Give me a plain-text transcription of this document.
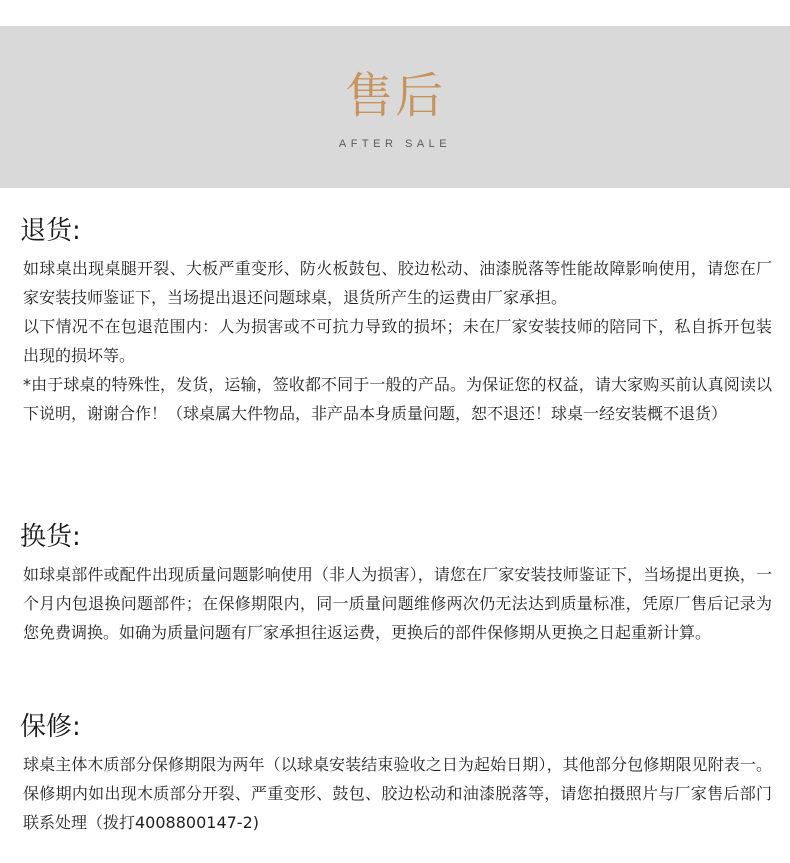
售后
AFTER SALE
退货:

如球桌出现桌腿开裂、大板严重变形、防火板鼓包、胶边松动、油漆脱落等性能故障影响使用，请您在厂家安装技师鉴证下，当场提出退还问题球桌，退货所产生的运费由厂家承担。

以下情况不在包退范围内：人为损害或不可抗力导致的损坏；未在厂家安装技师的陪同下，私自拆开包装出现的损坏等。

*由于球桌的特殊性，发货，运输，签收都不同于一般的产品。为保证您的权益，请大家购买前认真阅读以下说明，谢谢合作！（球桌属大件物品，非产品本身质量问题，恕不退还！球桌一经安装概不退货）

换货:

如球桌部件或配件出现质量问题影响使用（非人为损害），请您在厂家安装技师鉴证下，当场提出更换，一个月内包退换问题部件；在保修期限内，同一质量问题维修两次仍无法达到质量标准，凭原厂售后记录为您免费调换。如确为质量问题有厂家承担往返运费，更换后的部件保修期从更换之日起重新计算。

保修:

球桌主体木质部分保修期限为两年（以球桌安装结束验收之日为起始日期），其他部分包修期限见附表一。保修期内如出现木质部分开裂、严重变形、鼓包、胶边松动和油漆脱落等，请您拍摄照片与厂家售后部门联系处理（拨打4008800147-2)
